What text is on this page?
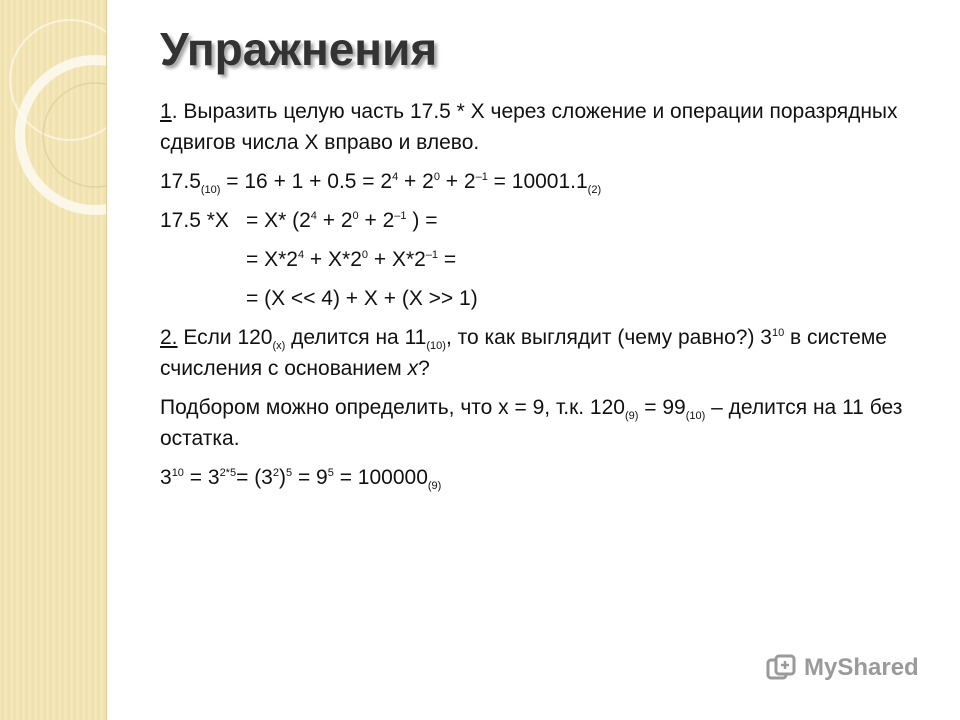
Упражнения

1. Выразить целую часть 17.5 * X через сложение и операции поразрядных сдвигов числа X вправо и влево.

$17.5_{(10)} = 16 + 1 + 0.5 = 2^4 + 2^0 + 2^{-1} = 10001.1_{(2)}$
17.5 *X = X* ($2^4 + 2^0 + 2^{-1}$ ) =
= $X*2^4 + X*2^0 + X*2^{-1}$ =
= (X << 4) + X + (X >> 1)

2. Если $120_{(x)}$ делится на $11_{(10)}$, то как выглядит (чему равно?) $3^{10}$ в системе счисления с основанием x?

Подбором можно определить, что x = 9, т.к. $120_{(9)} = 99_{(10)}$ – делится на 11 без остатка.

$3^{10} = 3^{2*5}= (3^2)^5 = 9^5 = 100000_{(9)}$
MyShared
